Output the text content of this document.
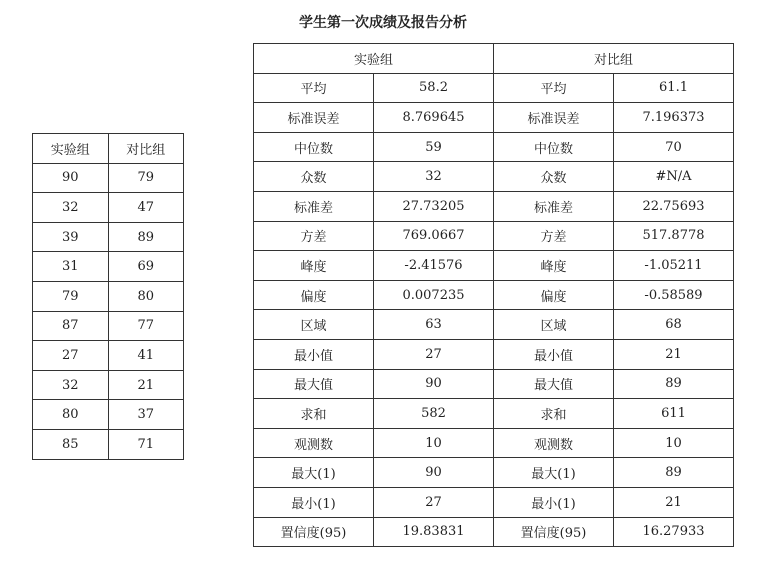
学生第一次成绩及报告分析
实验组	对比组
90	79
32	47
39	89
31	69
79	80
87	77
27	41
32	21
80	37
85	71
实验组		对比组	
平均	58.2	平均	61.1
标准误差	8.769645	标准误差	7.196373
中位数	59	中位数	70
众数	32	众数	#N/A
标准差	27.73205	标准差	22.75693
方差	769.0667	方差	517.8778
峰度	-2.41576	峰度	-1.05211
偏度	0.007235	偏度	-0.58589
区域	63	区域	68
最小值	27	最小值	21
最大值	90	最大值	89
求和	582	求和	611
观测数	10	观测数	10
最大(1)	90	最大(1)	89
最小(1)	27	最小(1)	21
置信度(95)	19.83831	置信度(95)	16.27933
